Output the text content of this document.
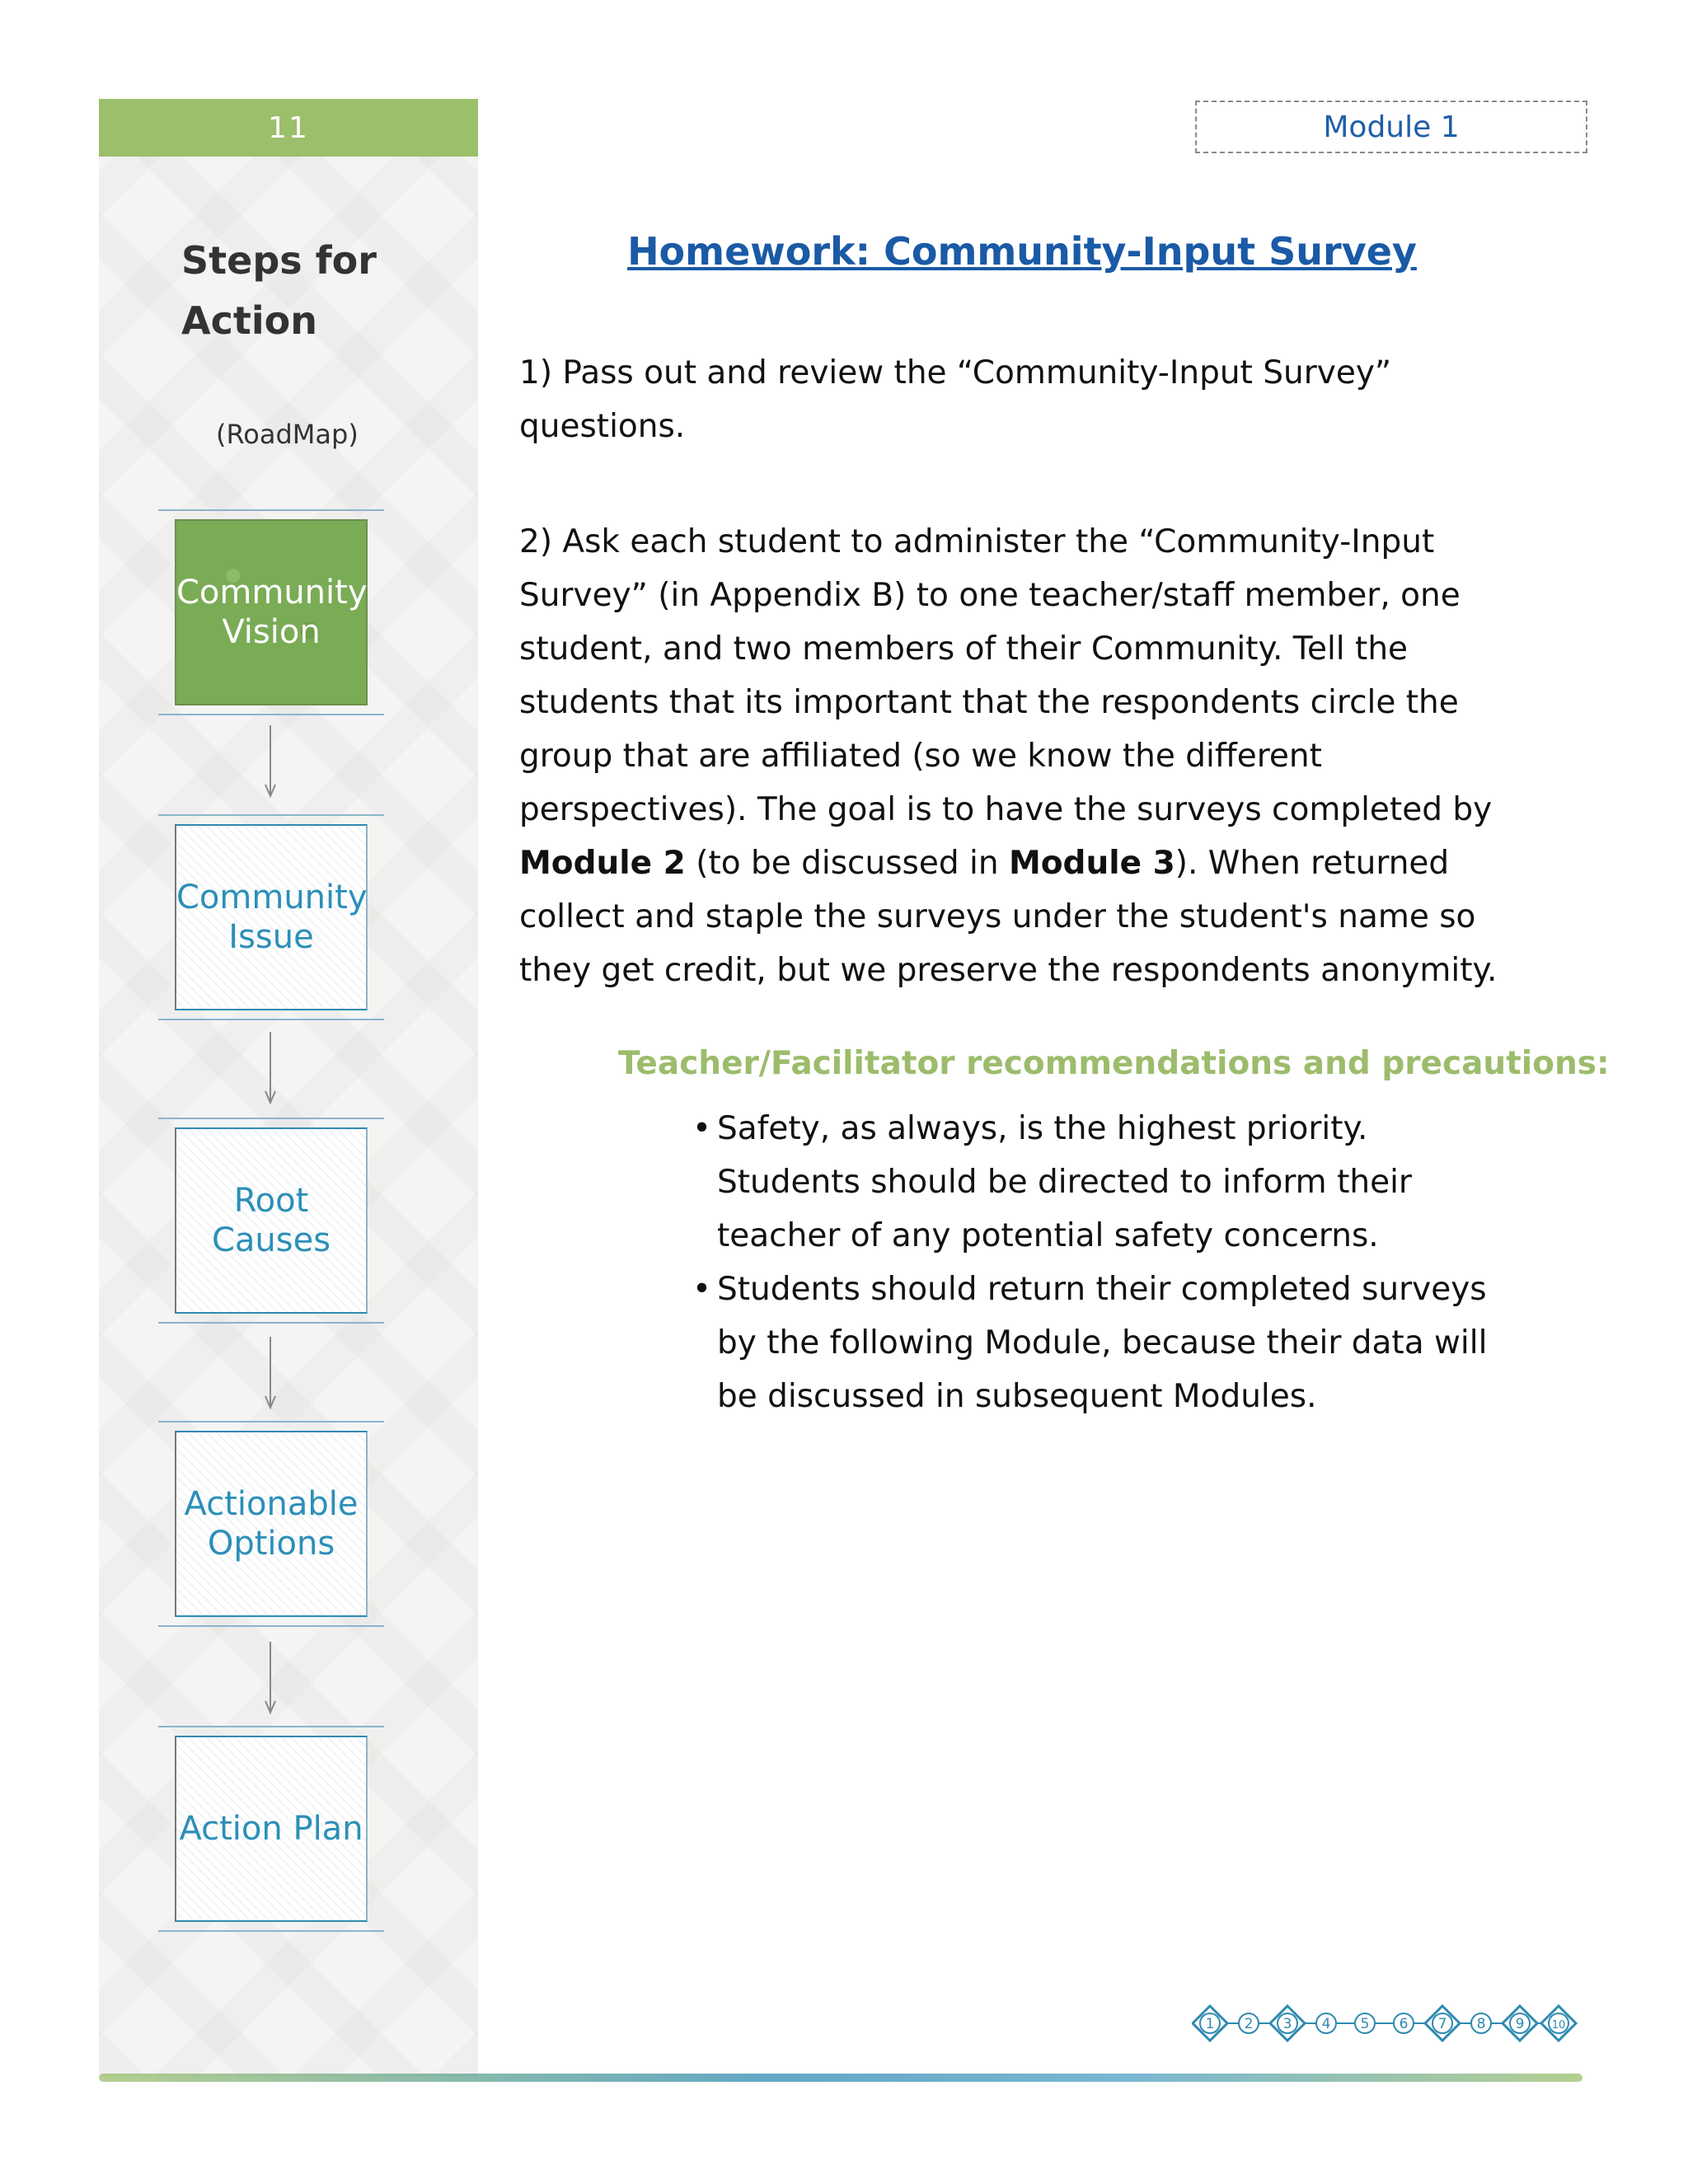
11
Steps for Action
(RoadMap)
Community Vision
Community Issue
Root Causes
Actionable Options
Action Plan
Module 1
Homework: Community-Input Survey

1) Pass out and review the “Community-Input Survey” questions.

2) Ask each student to administer the “Community-Input Survey” (in Appendix B) to one teacher/staff member, one student, and two members of their Community. Tell the students that its important that the respondents circle the group that are affiliated (so we know the different perspectives). The goal is to have the surveys completed by Module 2 (to be discussed in Module 3). When returned collect and staple the surveys under the student's name so they get credit, but we preserve the respondents anonymity.

Teacher/Facilitator recommendations and precautions:
• Safety, as always, is the highest priority. Students should be directed to inform their teacher of any potential safety concerns.
• Students should return their completed surveys by the following Module, because their data will be discussed in subsequent Modules.
1 2 3 4 5 6 7 8 9	10
